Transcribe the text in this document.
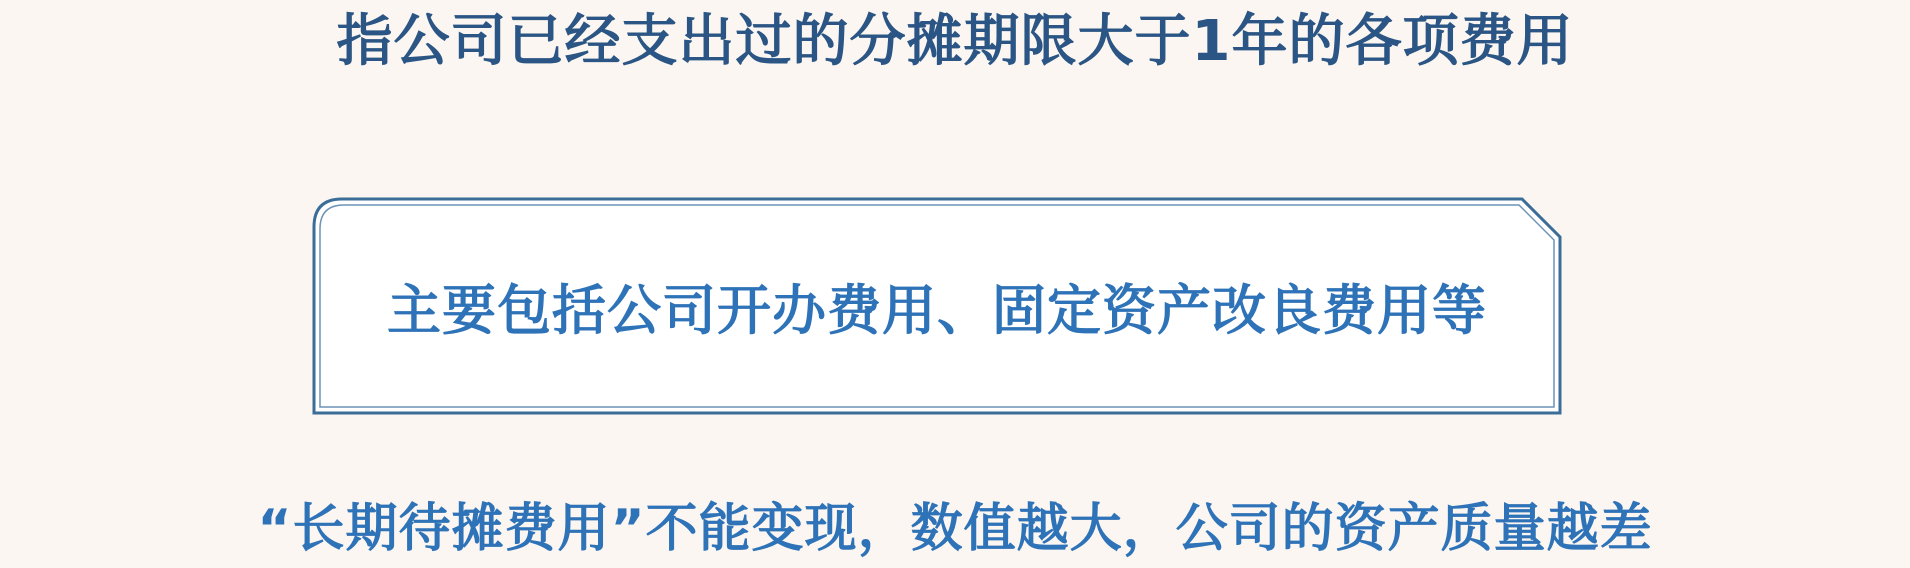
指公司已经支出过的分摊期限大于1年的各项费用
主要包括公司开办费用、固定资产改良费用等
“长期待摊费用”不能变现，数值越大，公司的资产质量越差
